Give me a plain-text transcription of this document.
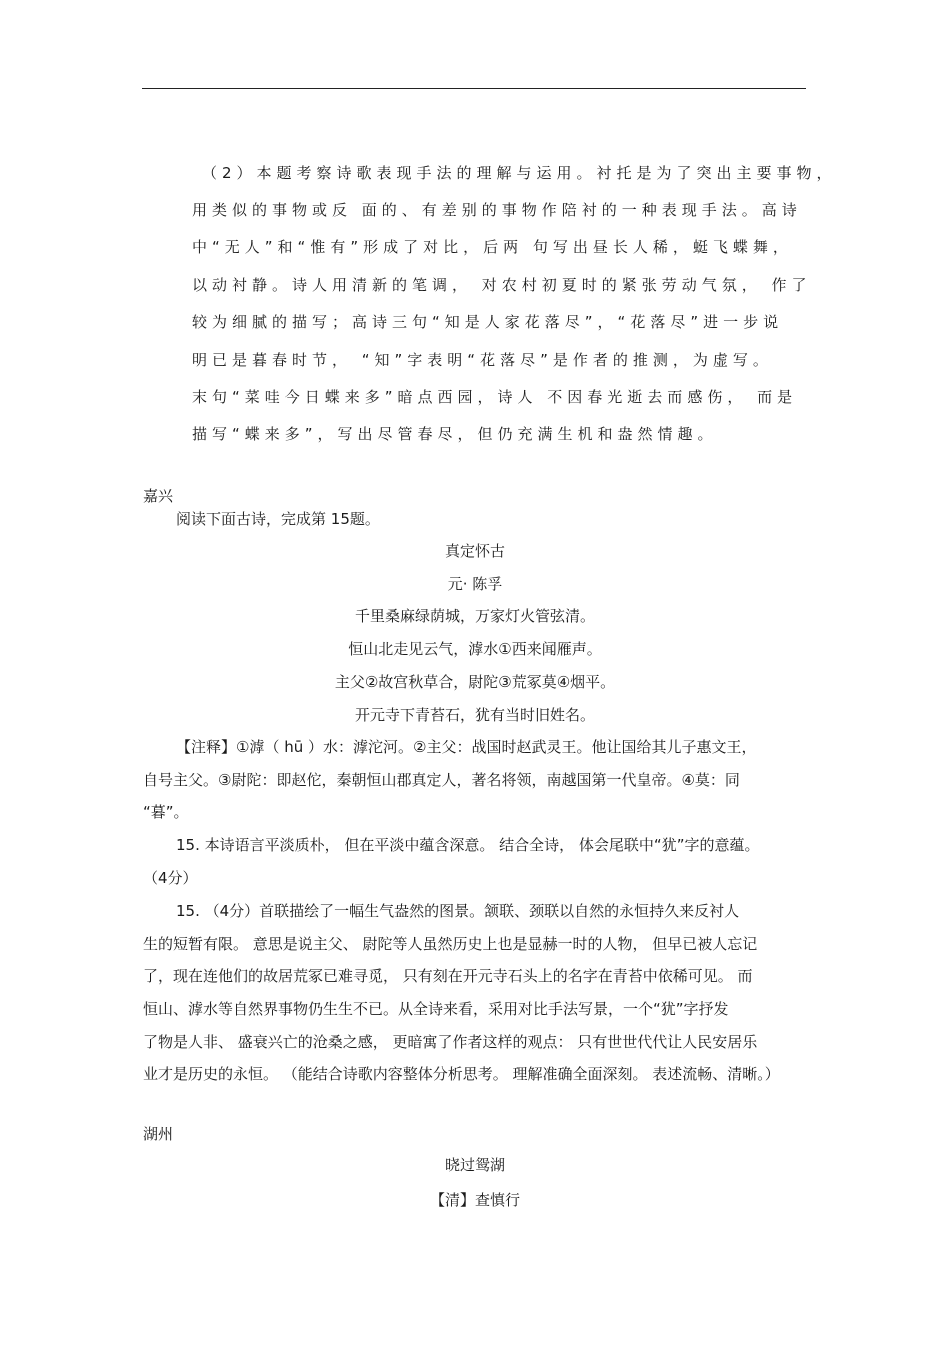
（2）本题考察诗歌表现手法的理解与运用。衬托是为了突出主要事物，
用类似的事物或反 面的、有差别的事物作陪衬的一种表现手法。高诗
中“无人”和“惟有”形成了对比，后两 句写出昼长人稀，蜓飞蝶舞，
以动衬静。诗人用清新的笔调， 对农村初夏时的紧张劳动气氛， 作了
较为细腻的描写；高诗三句“知是人家花落尽”，“花落尽”进一步说
明已是暮春时节， “知”字表明“花落尽”是作者的推测，为虚写。
末句“菜哇今日蝶来多”暗点西园，诗人 不因春光逝去而感伤， 而是
描写“蝶来多”，写出尽管春尽，但仍充满生机和盎然情趣。
嘉兴
阅读下面古诗，完成第 15题。
真定怀古
元· 陈孚
千里桑麻绿荫城，万家灯火管弦清。
恒山北走见云气，滹水①西来闻雁声。
主父②故宫秋草合，尉陀③荒冢莫④烟平。
开元寺下青苔石，犹有当时旧姓名。
【注释】①滹（ hū ）水：滹沱河。②主父：战国时赵武灵王。他让国给其儿子惠文王，
自号主父。③尉陀：即赵佗，秦朝恒山郡真定人，著名将领，南越国第一代皇帝。④莫：同
“暮”。
15. 本诗语言平淡质朴， 但在平淡中蕴含深意。 结合全诗， 体会尾联中“犹”字的意蕴。
（4分）
15. （4分）首联描绘了一幅生气盎然的图景。颔联、颈联以自然的永恒持久来反衬人
生的短暂有限。 意思是说主父、 尉陀等人虽然历史上也是显赫一时的人物， 但早已被人忘记
了，现在连他们的故居荒冢已难寻觅， 只有刻在开元寺石头上的名字在青苔中依稀可见。 而
恒山、滹水等自然界事物仍生生不已。从全诗来看，采用对比手法写景，一个“犹”字抒发
了物是人非、 盛衰兴亡的沧桑之感， 更暗寓了作者这样的观点： 只有世世代代让人民安居乐
业才是历史的永恒。 （能结合诗歌内容整体分析思考。 理解准确全面深刻。 表述流畅、清晰。）
湖州
晓过鸳湖
【清】查慎行
